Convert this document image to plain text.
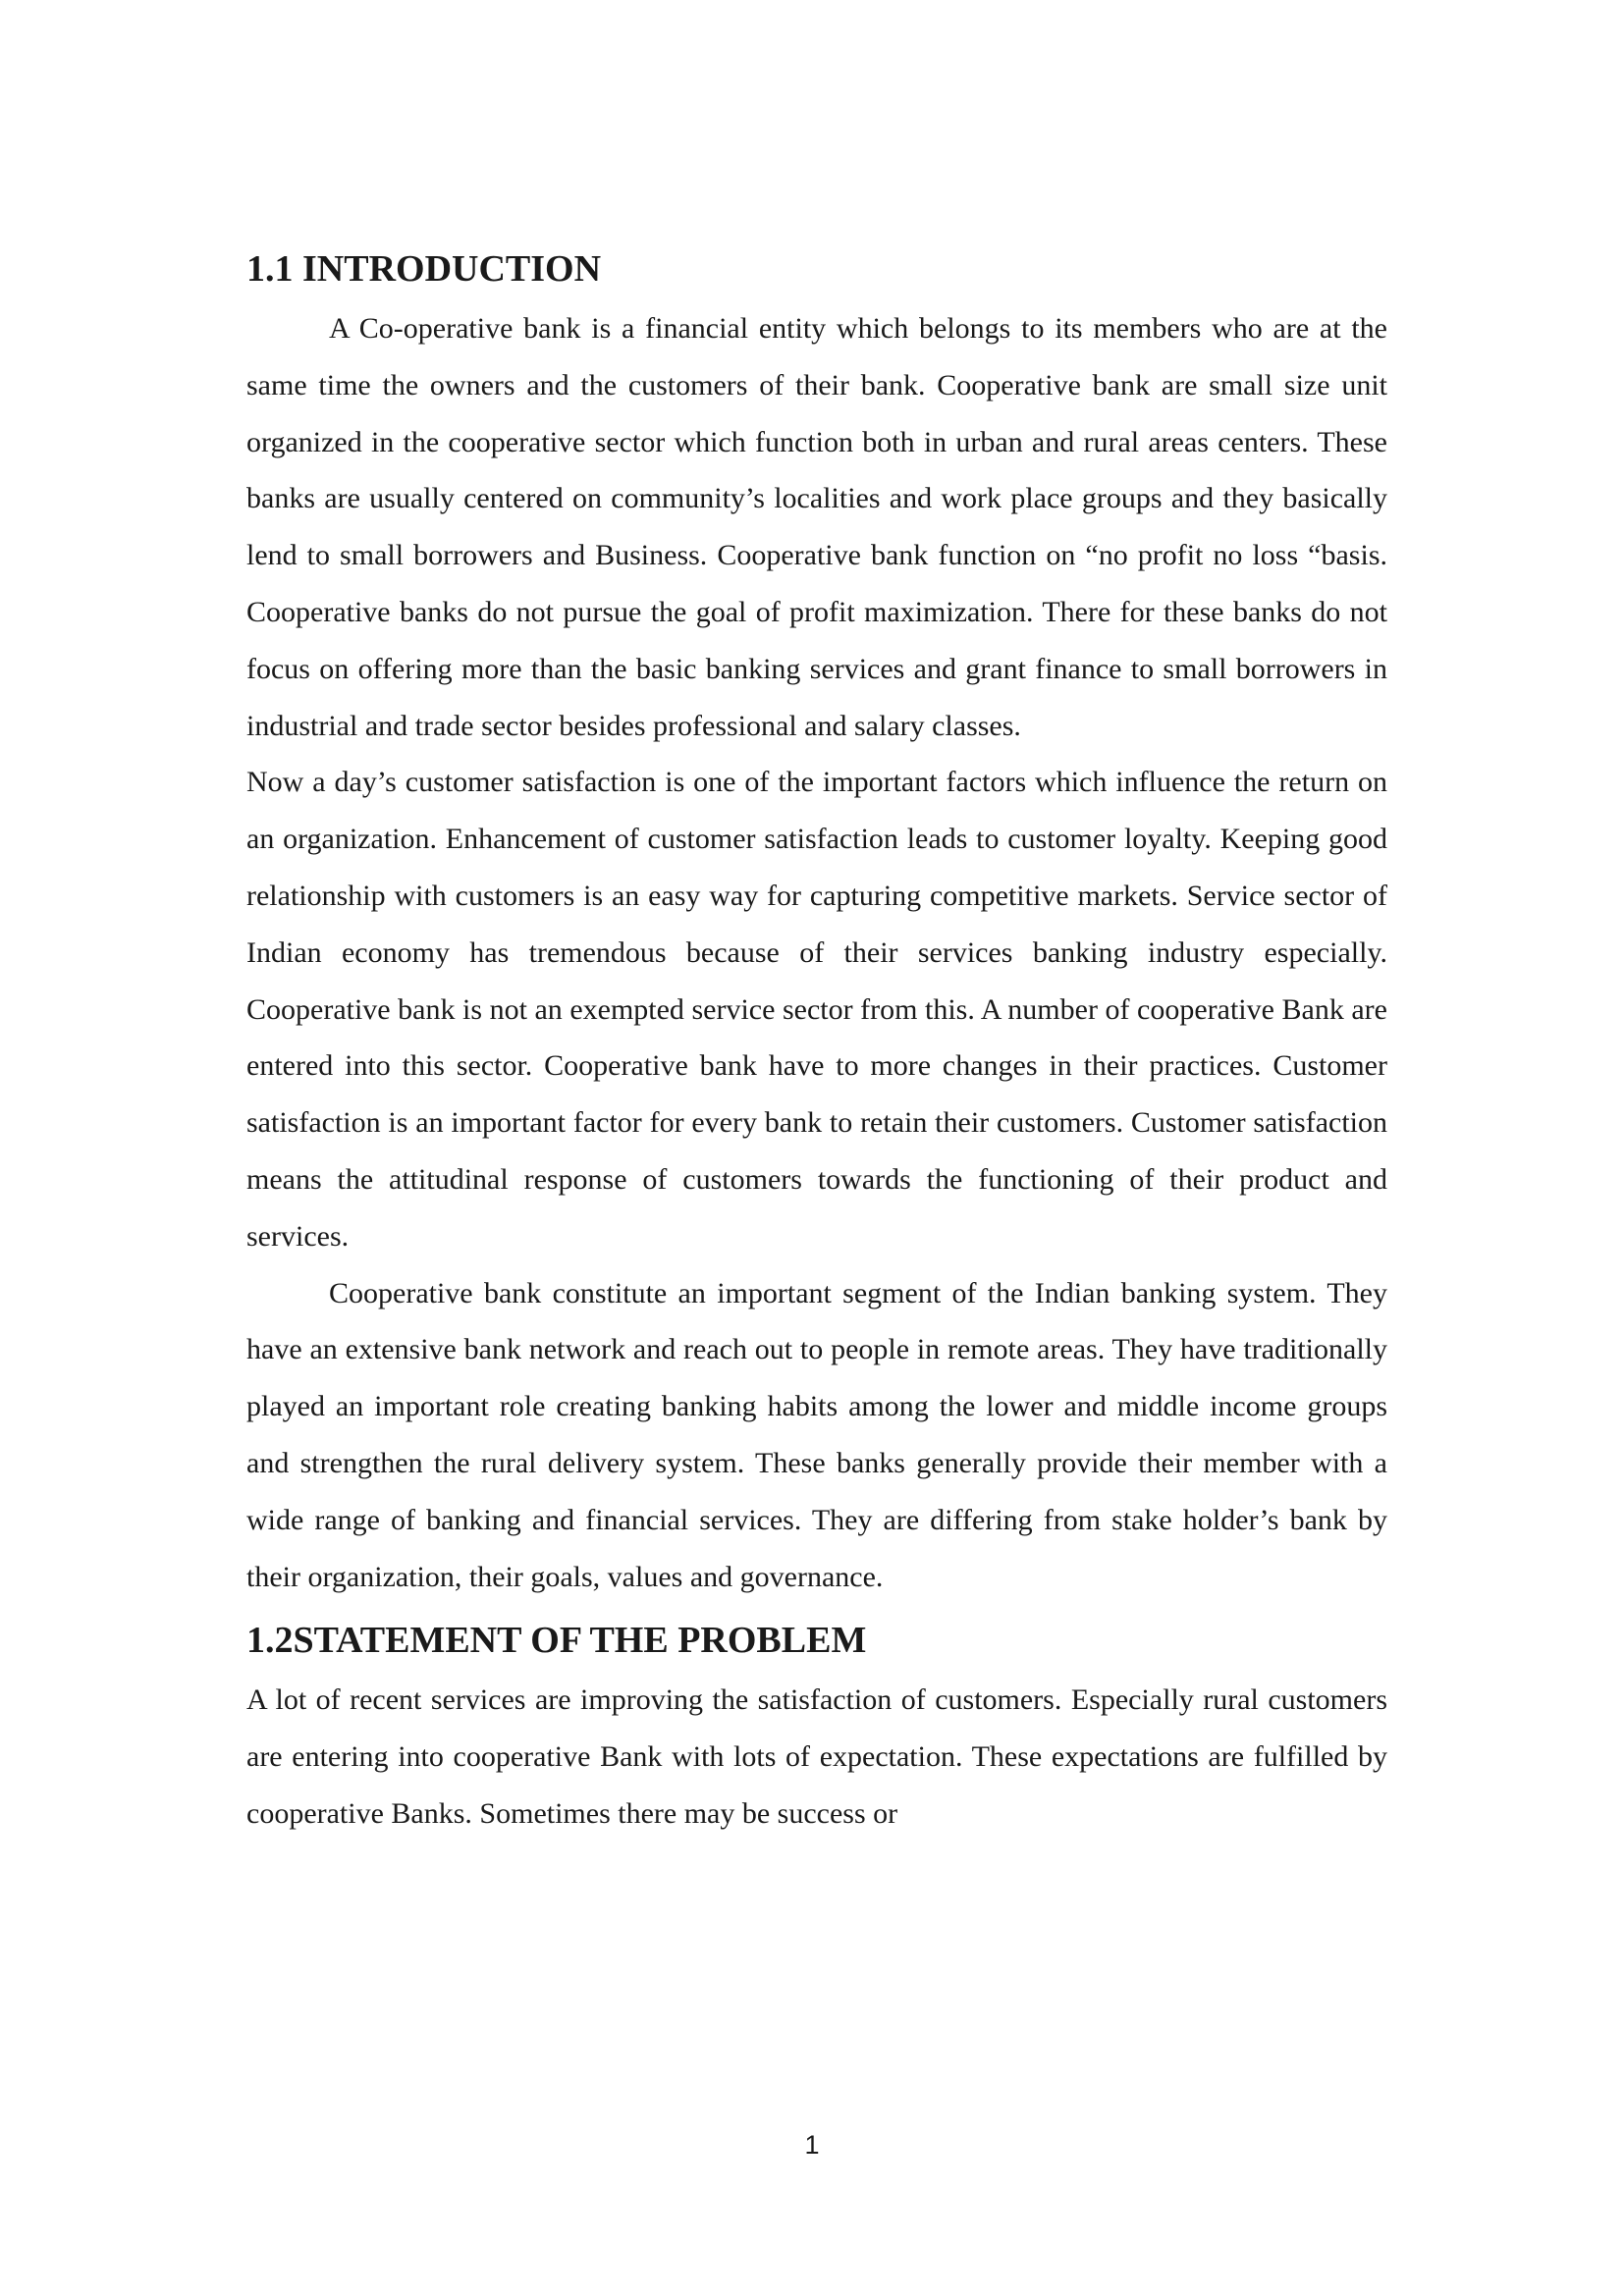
1.1 INTRODUCTION

A Co-operative bank is a financial entity which belongs to its members who are at the same time the owners and the customers of their bank. Cooperative bank are small size unit organized in the cooperative sector which function both in urban and rural areas centers. These banks are usually centered on community’s localities and work place groups and they basically lend to small borrowers and Business. Cooperative bank function on “no profit no loss “basis. Cooperative banks do not pursue the goal of profit maximization. There for these banks do not focus on offering more than the basic banking services and grant finance to small borrowers in industrial and trade sector besides professional and salary classes.

Now a day’s customer satisfaction is one of the important factors which influence the return on an organization. Enhancement of customer satisfaction leads to customer loyalty. Keeping good relationship with customers is an easy way for capturing competitive markets. Service sector of Indian economy has tremendous because of their services banking industry especially. Cooperative bank is not an exempted service sector from this. A number of cooperative Bank are entered into this sector. Cooperative bank have to more changes in their practices. Customer satisfaction is an important factor for every bank to retain their customers. Customer satisfaction means the attitudinal response of customers towards the functioning of their product and services.

Cooperative bank constitute an important segment of the Indian banking system. They have an extensive bank network and reach out to people in remote areas. They have traditionally played an important role creating banking habits among the lower and middle income groups and strengthen the rural delivery system. These banks generally provide their member with a wide range of banking and financial services. They are differing from stake holder’s bank by their organization, their goals, values and governance.

1.2STATEMENT OF THE PROBLEM

A lot of recent services are improving the satisfaction of customers. Especially rural customers are entering into cooperative Bank with lots of expectation. These expectations are fulfilled by cooperative Banks. Sometimes there may be success or

1
